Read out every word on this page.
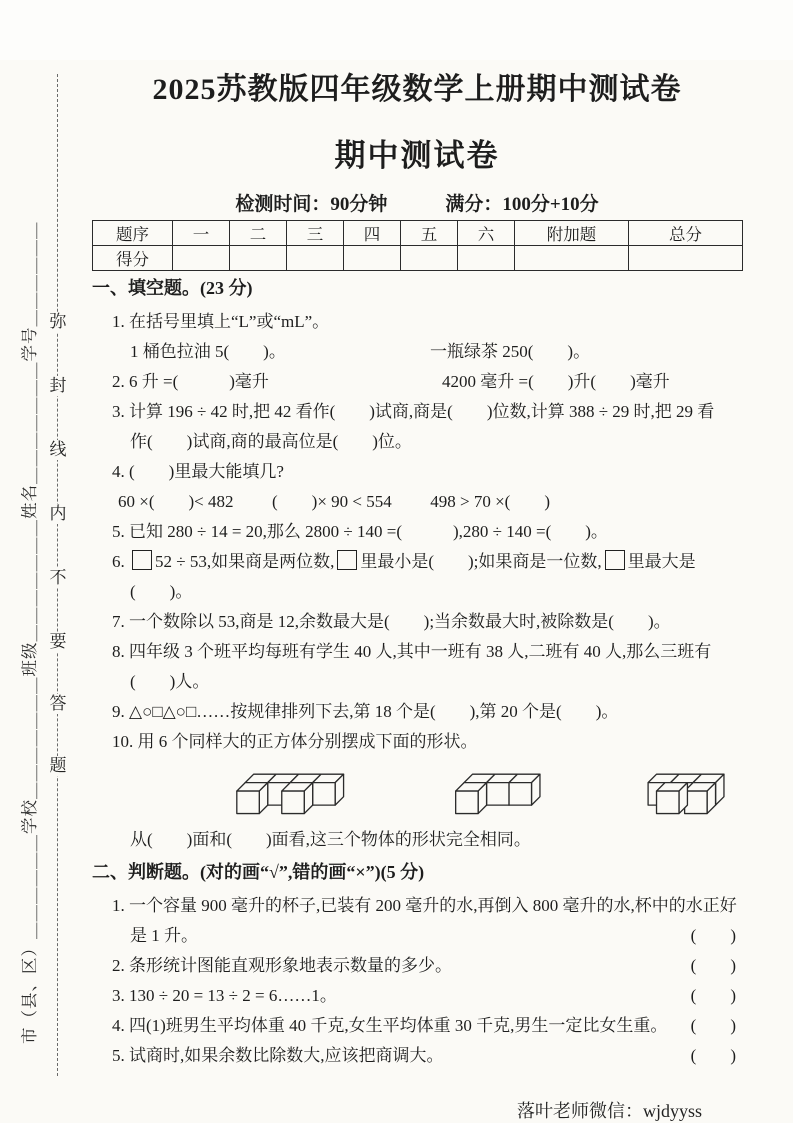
市（县、区）＿＿＿＿＿＿学校＿＿＿＿＿＿＿班级＿＿＿＿＿＿＿姓名＿＿＿＿＿＿＿学号＿＿＿＿＿＿ 弥
封
线
内
不
要
答
题
2025苏教版四年级数学上册期中测试卷
期中测试卷
检测时间：90分钟	满分：100分+10分
题序	一	二	三	四	五	六	附加题	总分
得分								
一、填空题。(23 分)
1. 在括号里填上“L”或“mL”。
1 桶色拉油 5(　　)。	一瓶绿茶 250(　　)。
2. 6 升 =(　　　)毫升	4200 毫升 =(　　)升(　　)毫升
3. 计算 196 ÷ 42 时,把 42 看作(　　)试商,商是(　　)位数,计算 388 ÷ 29 时,把 29 看
作(　　)试商,商的最高位是(　　)位。
4. (　　)里最大能填几?
60 ×(　　)< 482 (　　)× 90 < 554 498 > 70 ×(　　)
5. 已知 280 ÷ 14 = 20,那么 2800 ÷ 140 =(　　　),280 ÷ 140 =(　　)。
6. 52 ÷ 53,如果商是两位数, 里最小是(　　);如果商是一位数, 里最大是
(　　)。
7. 一个数除以 53,商是 12,余数最大是(　　);当余数最大时,被除数是(　　)。
8. 四年级 3 个班平均每班有学生 40 人,其中一班有 38 人,二班有 40 人,那么三班有
(　　)人。
9. △○□△○□……按规律排列下去,第 18 个是(　　),第 20 个是(　　)。
10. 用 6 个同样大的正方体分别摆成下面的形状。
从(　　)面和(　　)面看,这三个物体的形状完全相同。
二、判断题。(对的画“√”,错的画“×”)(5 分)
1. 一个容量 900 毫升的杯子,已装有 200 毫升的水,再倒入 800 毫升的水,杯中的水正好
是 1 升。	(　　)
2. 条形统计图能直观形象地表示数量的多少。	(　　)
3. 130 ÷ 20 = 13 ÷ 2 = 6……1。	(　　)
4. 四(1)班男生平均体重 40 千克,女生平均体重 30 千克,男生一定比女生重。 (　　)
5. 试商时,如果余数比除数大,应该把商调大。	(　　)
落叶老师微信：wjdyyss
